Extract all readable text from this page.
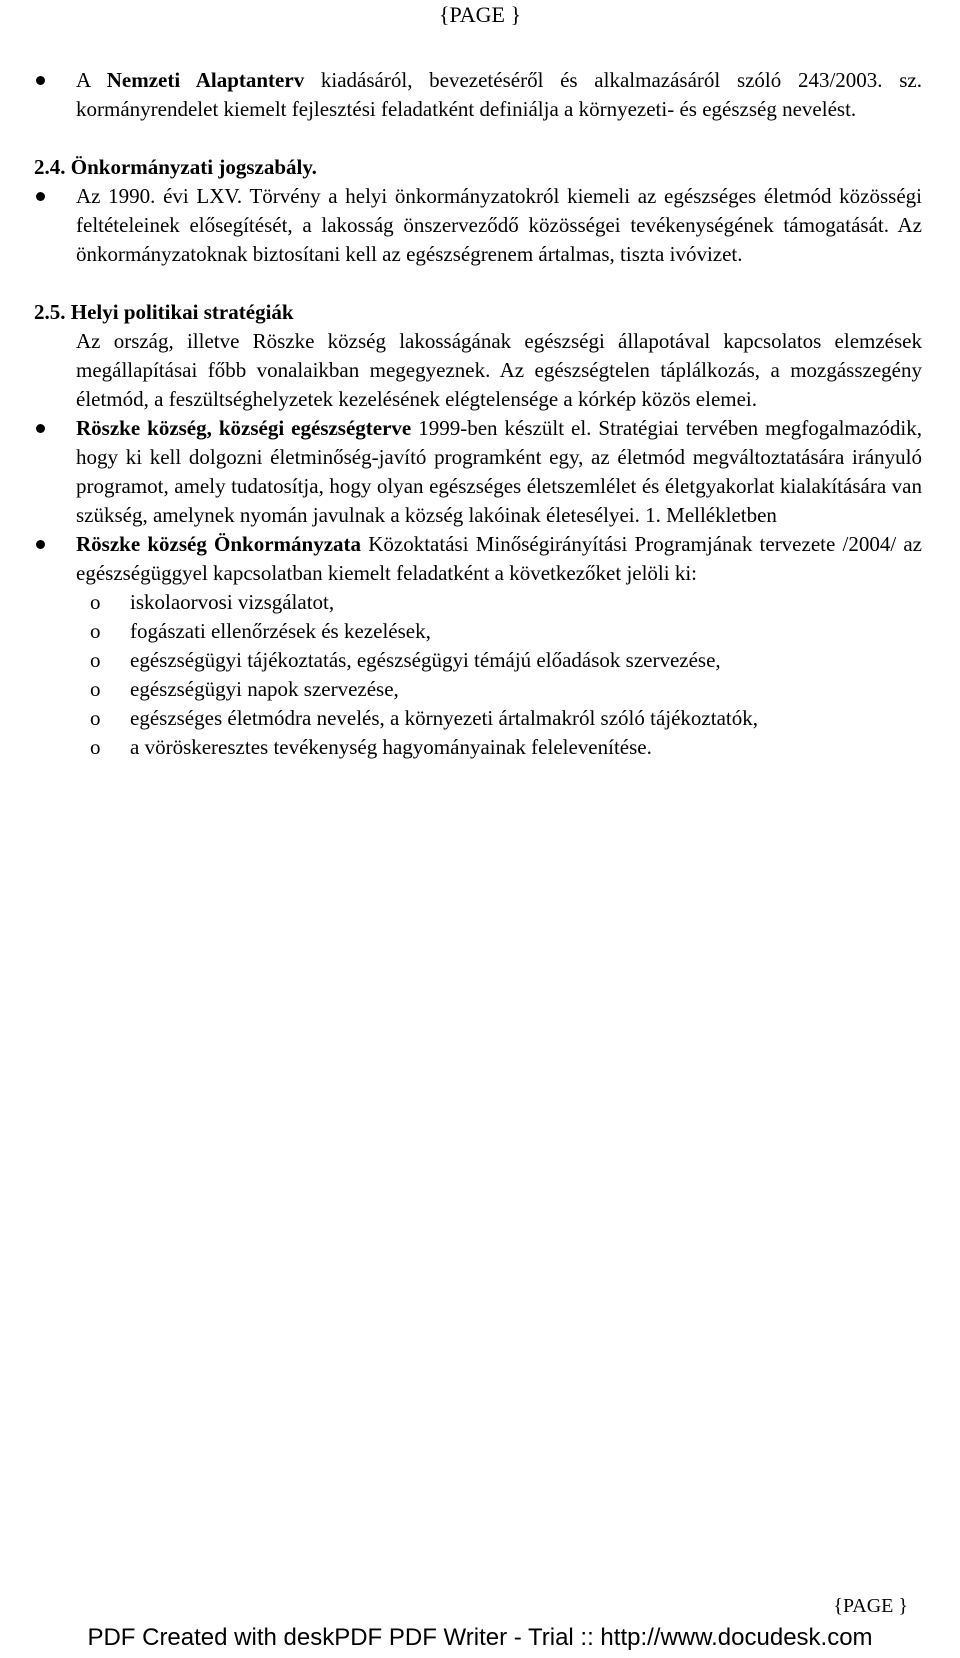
{PAGE }
A Nemzeti Alaptanterv kiadásáról, bevezetéséről és alkalmazásáról szóló 243/2003. sz. kormányrendelet kiemelt fejlesztési feladatként definiálja a környezeti- és egészség nevelést.
2.4. Önkormányzati jogszabály.
Az 1990. évi LXV. Törvény a helyi önkormányzatokról kiemeli az egészséges életmód közösségi feltételeinek elősegítését, a lakosság önszerveződő közösségei tevékenységének támogatását. Az önkormányzatoknak biztosítani kell az egészségrenem ártalmas, tiszta ivóvizet.
2.5. Helyi politikai stratégiák
Az ország, illetve Röszke község lakosságának egészségi állapotával kapcsolatos elemzések megállapításai főbb vonalaikban megegyeznek. Az egészségtelen táplálkozás, a mozgásszegény életmód, a feszültséghelyzetek kezelésének elégtelensége a kórkép közös elemei.
Röszke község, községi egészségterve 1999-ben készült el. Stratégiai tervében megfogalmazódik, hogy ki kell dolgozni életminőség-javító programként egy, az életmód megváltoztatására irányuló programot, amely tudatosítja, hogy olyan egészséges életszemlélet és életgyakorlat kialakítására van szükség, amelynek nyomán javulnak a község lakóinak életesélyei. 1. Mellékletben
Röszke község Önkormányzata Közoktatási Minőségirányítási Programjának tervezete /2004/ az egészségüggyel kapcsolatban kiemelt feladatként a következőket jelöli ki:
o iskolaorvosi vizsgálatot,
o fogászati ellenőrzések és kezelések,
o egészségügyi tájékoztatás, egészségügyi témájú előadások szervezése,
o egészségügyi napok szervezése,
o egészséges életmódra nevelés, a környezeti ártalmakról szóló tájékoztatók,
o a vöröskeresztes tevékenység hagyományainak felelevenítése.
{PAGE }
PDF Created with deskPDF PDF Writer - Trial :: http://www.docudesk.com
